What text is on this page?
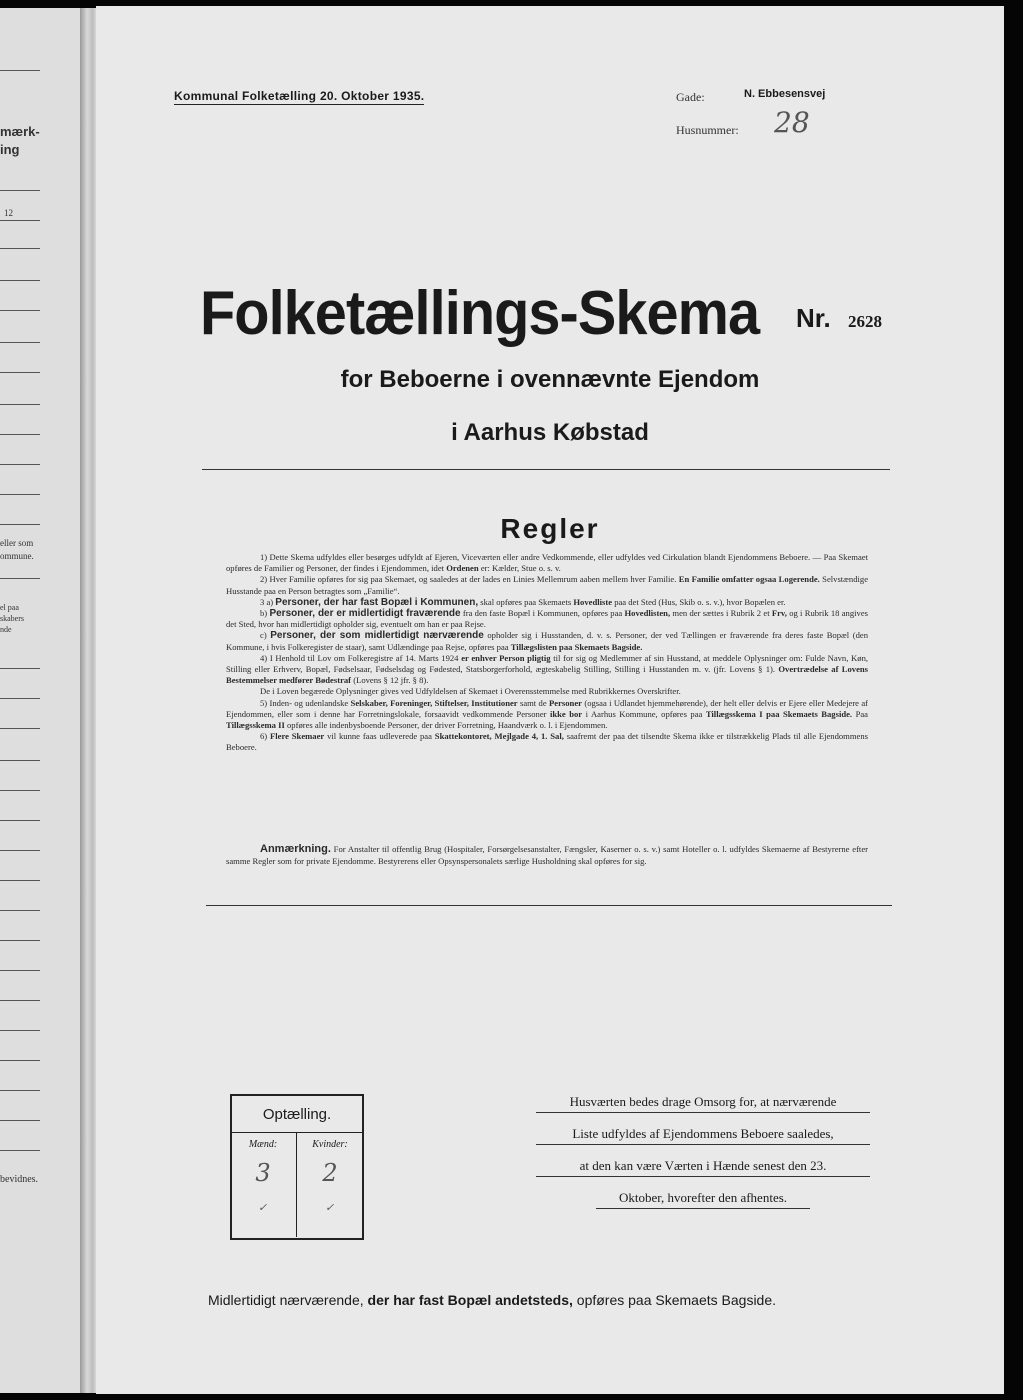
mærk-
ing
12
eller som
ommune.
el paa
skabers
nde
bevidnes.
Kommunal Folketælling 20. Oktober 1935.	Gade:	N. Ebbesensvej
Husnummer: 28
Folketællings-Skema Nr. 2628
for Beboerne i ovennævnte Ejendom
i Aarhus Købstad
Regler

1) Dette Skema udfyldes eller besørges udfyldt af Ejeren, Viceværten eller andre Vedkommende, eller udfyldes ved Cirkulation blandt Ejendommens Beboere. — Paa Skemaet opføres de Familier og Personer, der findes i Ejendommen, idet Ordenen er: Kælder, Stue o. s. v.

2) Hver Familie opføres for sig paa Skemaet, og saaledes at der lades en Linies Mellemrum aaben mellem hver Familie. En Familie omfatter ogsaa Logerende. Selvstændige Husstande paa en Person betragtes som „Familie“.

3 a) Personer, der har fast Bopæl i Kommunen, skal opføres paa Skemaets Hovedliste paa det Sted (Hus, Skib o. s. v.), hvor Bopælen er.

b) Personer, der er midlertidigt fraværende fra den faste Bopæl i Kommunen, opføres paa Hovedlisten, men der sættes i Rubrik 2 et Frv, og i Rubrik 18 angives det Sted, hvor han midlertidigt opholder sig, eventuelt om han er paa Rejse.

c) Personer, der som midlertidigt nærværende opholder sig i Husstanden, d. v. s. Personer, der ved Tællingen er fraværende fra deres faste Bopæl (den Kommune, i hvis Folkeregister de staar), samt Udlændinge paa Rejse, opføres paa Tillægslisten paa Skemaets Bagside.

4) I Henhold til Lov om Folkeregistre af 14. Marts 1924 er enhver Person pligtig til for sig og Medlemmer af sin Husstand, at meddele Oplysninger om: Fulde Navn, Køn, Stilling eller Erhverv, Bopæl, Fødselsaar, Fødselsdag og Fødested, Statsborgerforhold, ægteskabelig Stilling, Stilling i Husstanden m. v. (jfr. Lovens § 1). Overtrædelse af Lovens Bestemmelser medfører Bødestraf (Lovens § 12 jfr. § 8).

De i Loven begærede Oplysninger gives ved Udfyldelsen af Skemaet i Overensstemmelse med Rubrikkernes Overskrifter.

5) Inden- og udenlandske Selskaber, Foreninger, Stiftelser, Institutioner samt de Personer (ogsaa i Udlandet hjemmehørende), der helt eller delvis er Ejere eller Medejere af Ejendommen, eller som i denne har Forretningslokale, forsaavidt vedkommende Personer ikke bor i Aarhus Kommune, opføres paa Tillægsskema I paa Skemaets Bagside. Paa Tillægsskema II opføres alle indenbysboende Personer, der driver Forretning, Haandværk o. l. i Ejendommen.

6) Flere Skemaer vil kunne faas udleverede paa Skattekontoret, Mejlgade 4, 1. Sal, saafremt der paa det tilsendte Skema ikke er tilstrækkelig Plads til alle Ejendommens Beboere.

Anmærkning. For Anstalter til offentlig Brug (Hospitaler, Forsørgelsesanstalter, Fængsler, Kaserner o. s. v.) samt Hoteller o. l. udfyldes Skemaerne af Bestyrerne efter samme Regler som for private Ejendomme. Bestyrerens eller Opsynspersonalets særlige Husholdning skal opføres for sig.
Optælling.
Mænd:
3
✓
Kvinder:
2
✓
Husværten bedes drage Omsorg for, at nærværende
Liste udfyldes af Ejendommens Beboere saaledes,
at den kan være Værten i Hænde senest den 23.
Oktober, hvorefter den afhentes.
Midlertidigt nærværende, der har fast Bopæl andetsteds, opføres paa Skemaets Bagside.
